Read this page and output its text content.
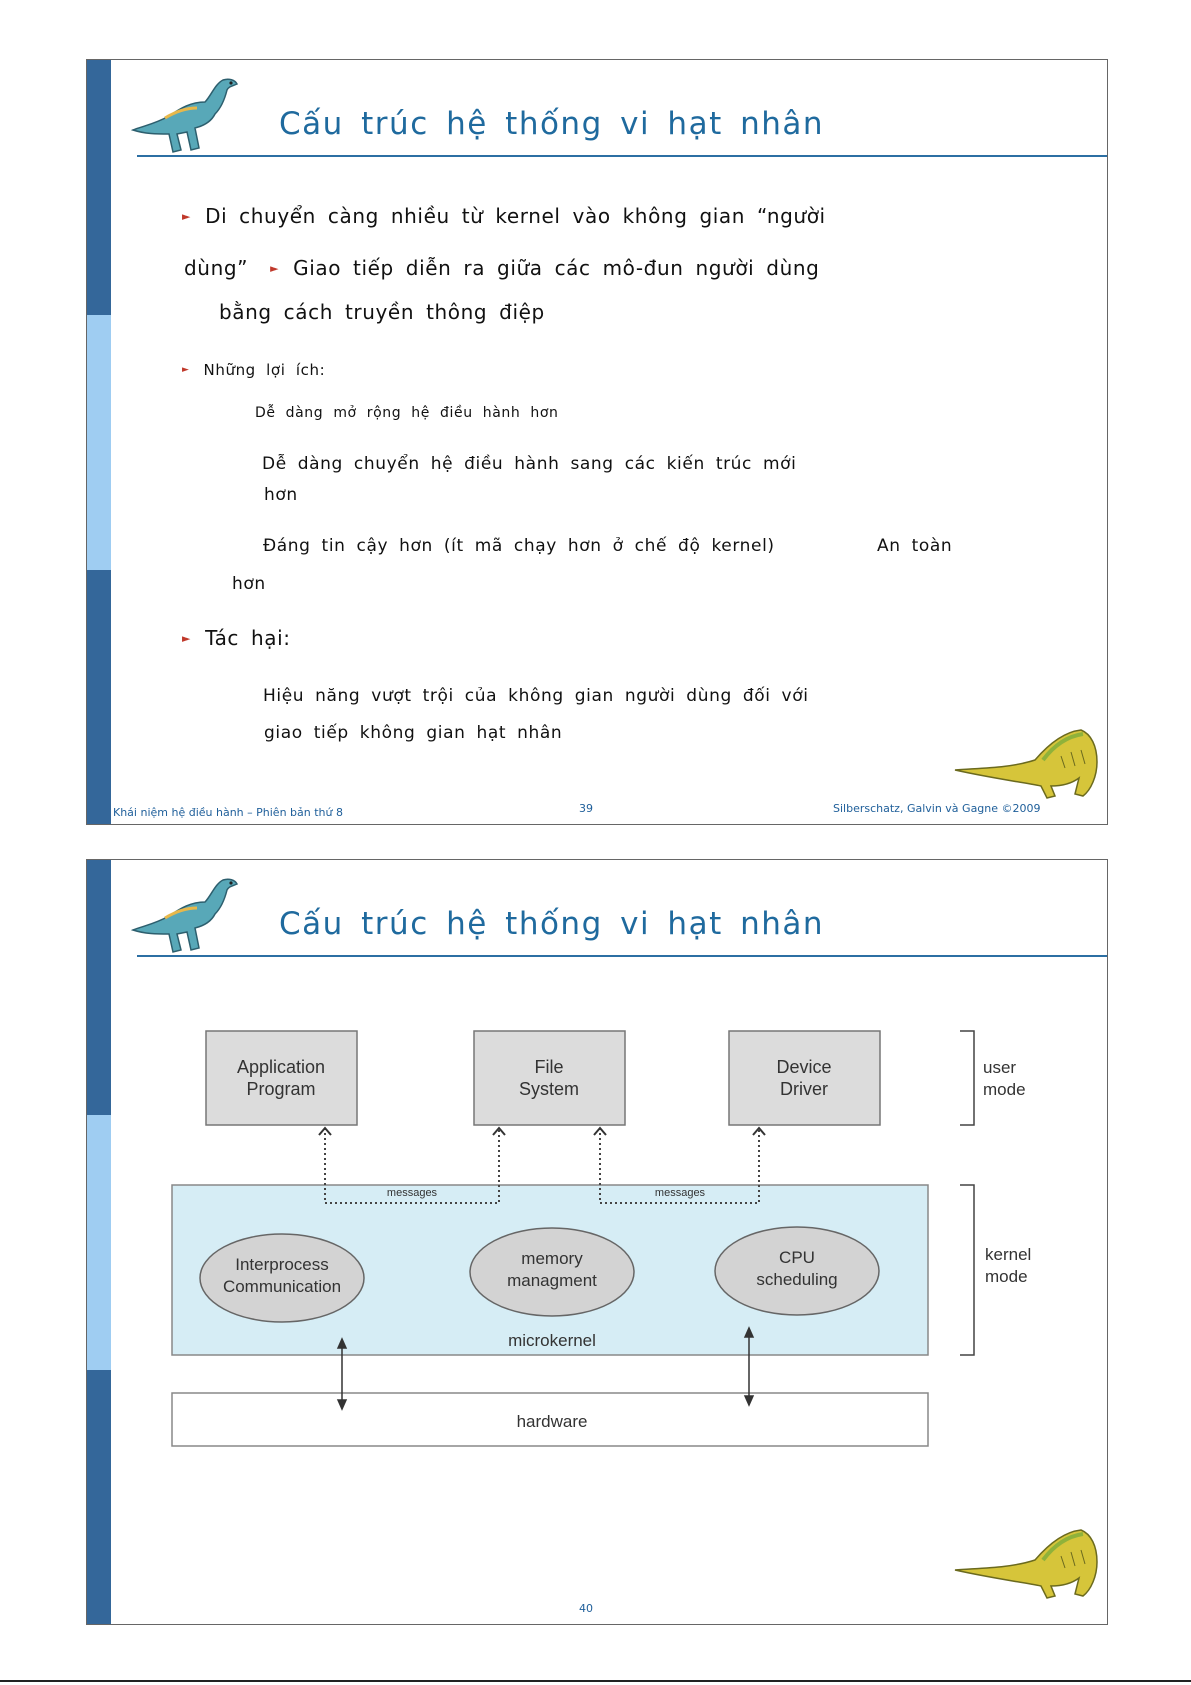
Cấu trúc hệ thống vi hạt nhân
► Di chuyển càng nhiều từ kernel vào không gian “người
dùng” ► Giao tiếp diễn ra giữa các mô-đun người dùng
bằng cách truyền thông điệp
► Những lợi ích:
Dễ dàng mở rộng hệ điều hành hơn
Dễ dàng chuyển hệ điều hành sang các kiến trúc mới
hơn
Đáng tin cậy hơn (ít mã chạy hơn ở chế độ kernel)	An toàn
hơn
► Tác hại:
Hiệu năng vượt trội của không gian người dùng đối với
giao tiếp không gian hạt nhân
Khái niệm hệ điều hành – Phiên bản thứ 8	39	Silberschatz, Galvin và Gagne ©2009
Cấu trúc hệ thống vi hạt nhân
Application
Program
File
System
Device
Driver
messages	messages
Interprocess
Communication
memory
managment
CPU
scheduling
microkernel
hardware
user
mode
kernel
mode
40
